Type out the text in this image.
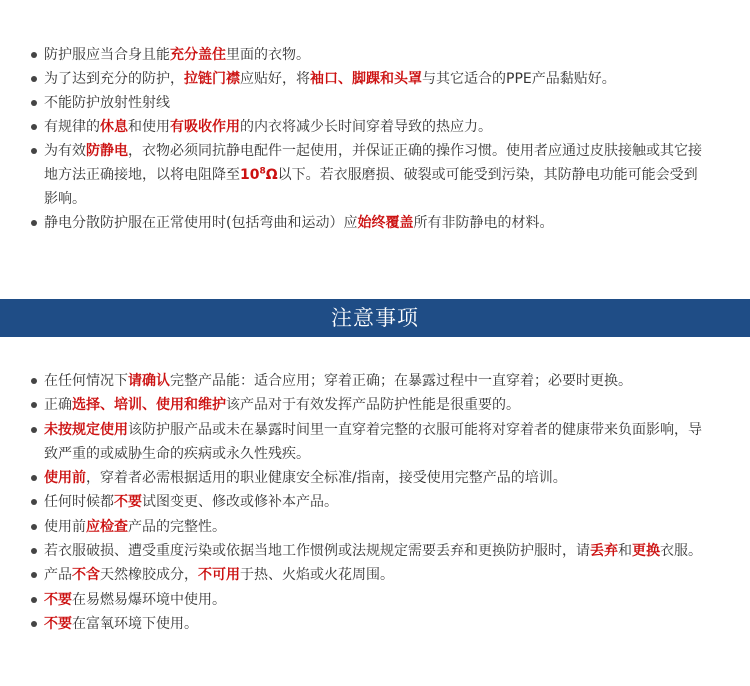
防护服应当合身且能充分盖住里面的衣物。
为了达到充分的防护，拉链门襟应贴好，将袖口、脚踝和头罩与其它适合的PPE产品黏贴好。
不能防护放射性射线
有规律的休息和使用有吸收作用的内衣将减少长时间穿着导致的热应力。
为有效防静电，衣物必须同抗静电配件一起使用，并保证正确的操作习惯。使用者应通过皮肤接触或其它接地方法正确接地，以将电阻降至$10^8\Omega$以下。若衣服磨损、破裂或可能受到污染，其防静电功能可能会受到影响。
静电分散防护服在正常使用时(包括弯曲和运动）应始终覆盖所有非防静电的材料。
注意事项
在任何情况下请确认完整产品能：适合应用；穿着正确；在暴露过程中一直穿着；必要时更换。
正确选择、培训、使用和维护该产品对于有效发挥产品防护性能是很重要的。
未按规定使用该防护服产品或未在暴露时间里一直穿着完整的衣服可能将对穿着者的健康带来负面影响，导致严重的或威胁生命的疾病或永久性残疾。
使用前，穿着者必需根据适用的职业健康安全标准/指南，接受使用完整产品的培训。
任何时候都不要试图变更、修改或修补本产品。
使用前应检查产品的完整性。
若衣服破损、遭受重度污染或依据当地工作惯例或法规规定需要丢弃和更换防护服时，请丢弃和更换衣服。
产品不含天然橡胶成分，不可用于热、火焰或火花周围。
不要在易燃易爆环境中使用。
不要在富氧环境下使用。
